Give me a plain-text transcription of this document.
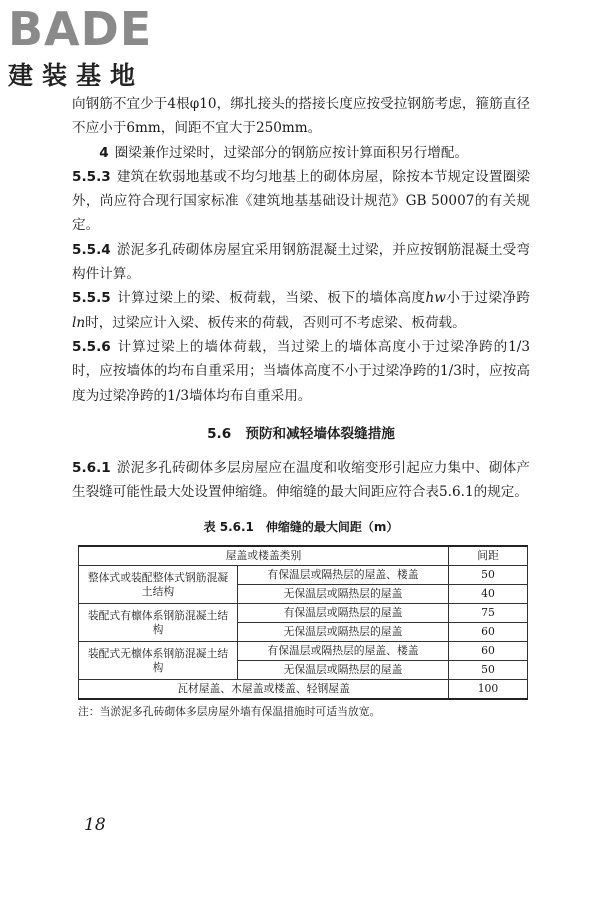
BADE
建装基地

向钢筋不宜少于4根φ10，绑扎接头的搭接长度应按受拉钢筋考虑，箍筋直径不应小于6mm，间距不宜大于250mm。

4 圈梁兼作过梁时，过梁部分的钢筋应按计算面积另行增配。

5.5.3 建筑在软弱地基或不均匀地基上的砌体房屋，除按本节规定设置圈梁外，尚应符合现行国家标准《建筑地基基础设计规范》GB 50007的有关规定。

5.5.4 淤泥多孔砖砌体房屋宜采用钢筋混凝土过梁，并应按钢筋混凝土受弯构件计算。

5.5.5 计算过梁上的梁、板荷载，当梁、板下的墙体高度hw小于过梁净跨ln时，过梁应计入梁、板传来的荷载，否则可不考虑梁、板荷载。

5.5.6 计算过梁上的墙体荷载，当过梁上的墙体高度小于过梁净跨的1/3时，应按墙体的均布自重采用；当墙体高度不小于过梁净跨的1/3时，应按高度为过梁净跨的1/3墙体均布自重采用。

5.6 预防和减轻墙体裂缝措施

5.6.1 淤泥多孔砖砌体多层房屋应在温度和收缩变形引起应力集中、砌体产生裂缝可能性最大处设置伸缩缝。伸缩缝的最大间距应符合表5.6.1的规定。

表 5.6.1　伸缩缝的最大间距（m）
屋盖或楼盖类别		间距
整体式或装配整体式钢筋混凝土结构	有保温层或隔热层的屋盖、楼盖	50
	无保温层或隔热层的屋盖	40
装配式有檩体系钢筋混凝土结构	有保温层或隔热层的屋盖	75
	无保温层或隔热层的屋盖	60
装配式无檩体系钢筋混凝土结构	有保温层或隔热层的屋盖、楼盖	60
	无保温层或隔热层的屋盖	50
瓦材屋盖、木屋盖或楼盖、轻钢屋盖		100
注：当淤泥多孔砖砌体多层房屋外墙有保温措施时可适当放宽。
18
